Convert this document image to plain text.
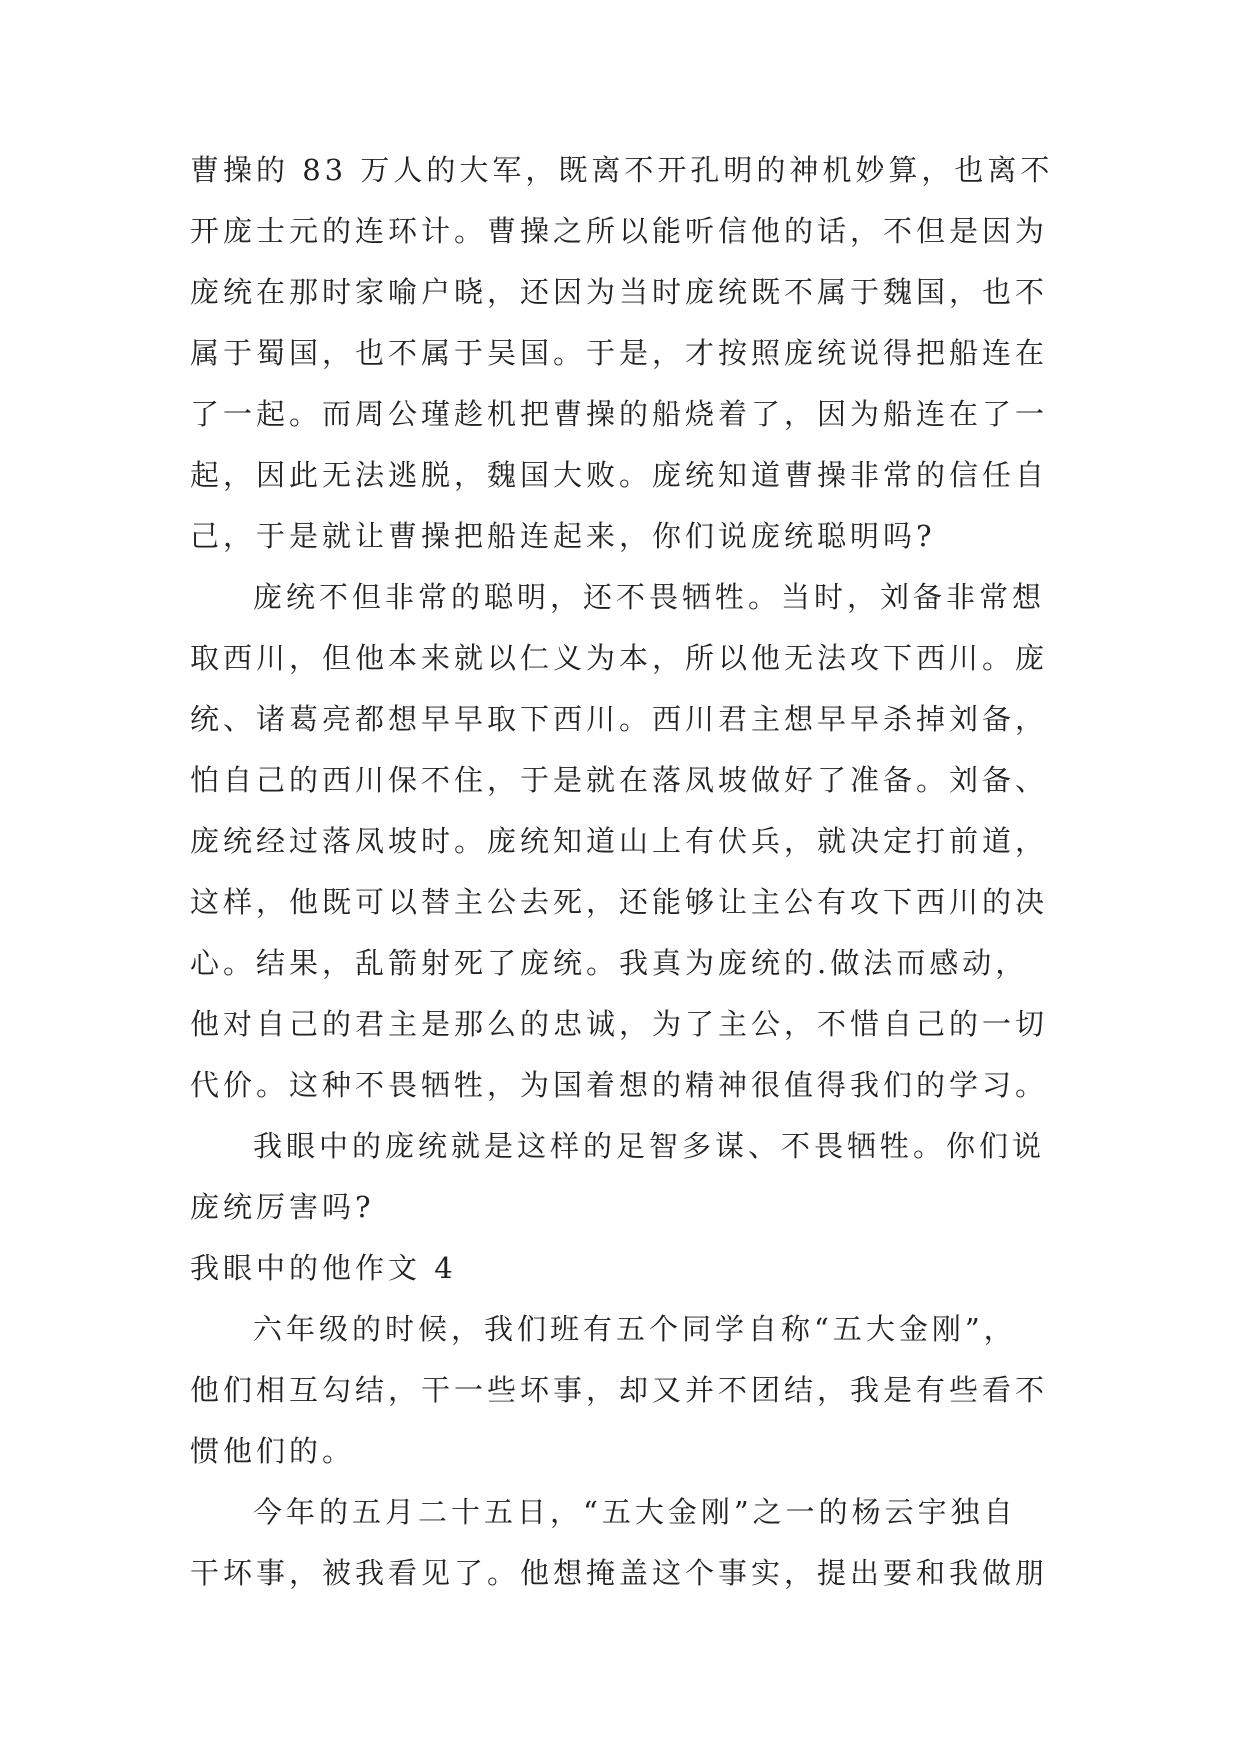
曹操的 83 万人的大军，既离不开孔明的神机妙算，也离不
开庞士元的连环计。曹操之所以能听信他的话，不但是因为
庞统在那时家喻户晓，还因为当时庞统既不属于魏国，也不
属于蜀国，也不属于吴国。于是，才按照庞统说得把船连在
了一起。而周公瑾趁机把曹操的船烧着了，因为船连在了一
起，因此无法逃脱，魏国大败。庞统知道曹操非常的信任自
己，于是就让曹操把船连起来，你们说庞统聪明吗?
庞统不但非常的聪明，还不畏牺牲。当时，刘备非常想
取西川，但他本来就以仁义为本，所以他无法攻下西川。庞
统、诸葛亮都想早早取下西川。西川君主想早早杀掉刘备，
怕自己的西川保不住，于是就在落凤坡做好了准备。刘备、
庞统经过落凤坡时。庞统知道山上有伏兵，就决定打前道，
这样，他既可以替主公去死，还能够让主公有攻下西川的决
心。结果，乱箭射死了庞统。我真为庞统的.做法而感动，
他对自己的君主是那么的忠诚，为了主公，不惜自己的一切
代价。这种不畏牺牲，为国着想的精神很值得我们的学习。
我眼中的庞统就是这样的足智多谋、不畏牺牲。你们说
庞统厉害吗?
我眼中的他作文 4
六年级的时候，我们班有五个同学自称“五大金刚”，
他们相互勾结，干一些坏事，却又并不团结，我是有些看不
惯他们的。
今年的五月二十五日，“五大金刚”之一的杨云宇独自
干坏事，被我看见了。他想掩盖这个事实，提出要和我做朋
